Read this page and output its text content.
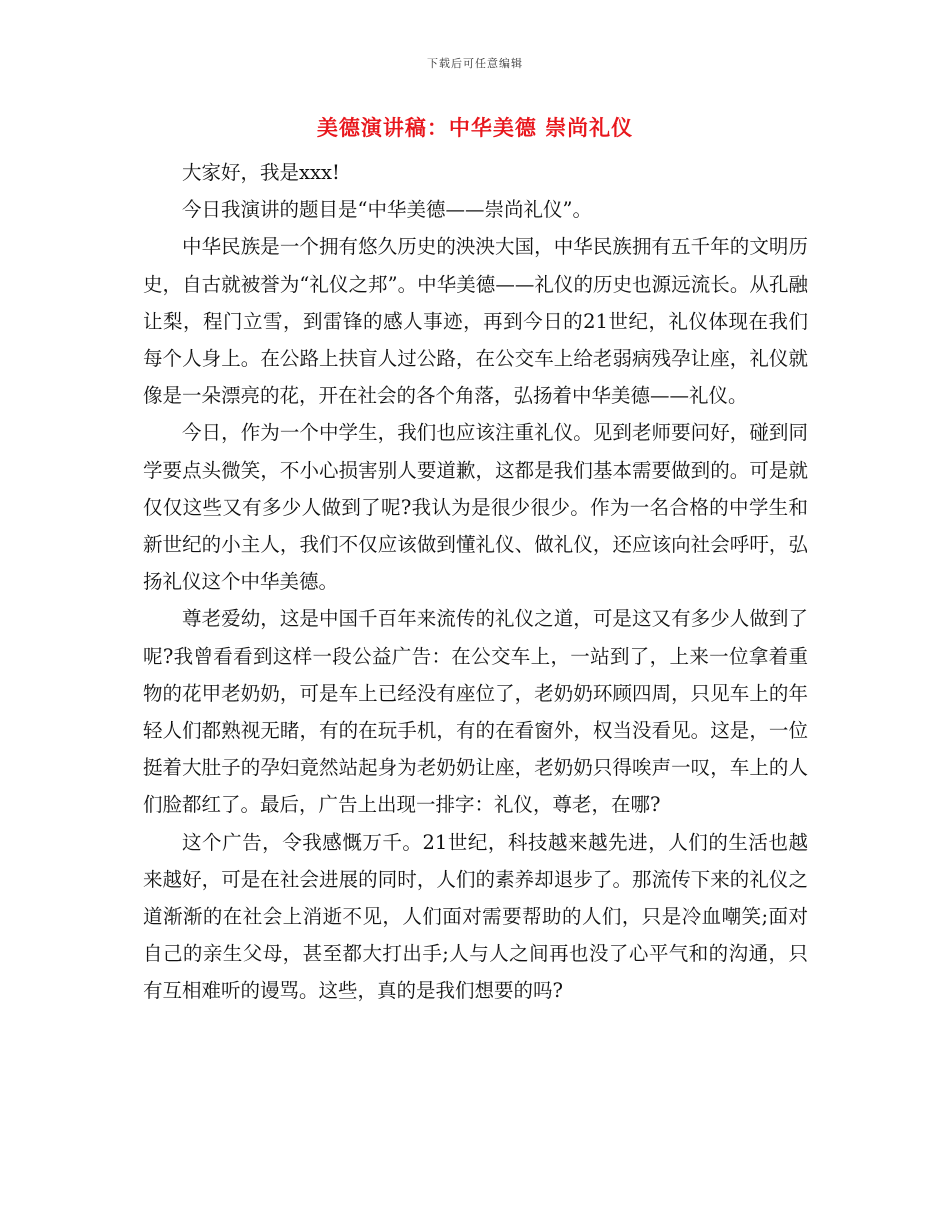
下载后可任意编辑
美德演讲稿：中华美德 崇尚礼仪

大家好，我是xxx!

今日我演讲的题目是“中华美德——崇尚礼仪”。

中华民族是一个拥有悠久历史的泱泱大国，中华民族拥有五千年的文明历史，自古就被誉为“礼仪之邦”。中华美德——礼仪的历史也源远流长。从孔融让梨，程门立雪，到雷锋的感人事迹，再到今日的21世纪，礼仪体现在我们每个人身上。在公路上扶盲人过公路，在公交车上给老弱病残孕让座，礼仪就像是一朵漂亮的花，开在社会的各个角落，弘扬着中华美德——礼仪。

今日，作为一个中学生，我们也应该注重礼仪。见到老师要问好，碰到同学要点头微笑，不小心损害别人要道歉，这都是我们基本需要做到的。可是就仅仅这些又有多少人做到了呢?我认为是很少很少。作为一名合格的中学生和新世纪的小主人，我们不仅应该做到懂礼仪、做礼仪，还应该向社会呼吁，弘扬礼仪这个中华美德。

尊老爱幼，这是中国千百年来流传的礼仪之道，可是这又有多少人做到了呢?我曾看看到这样一段公益广告：在公交车上，一站到了，上来一位拿着重物的花甲老奶奶，可是车上已经没有座位了，老奶奶环顾四周，只见车上的年轻人们都熟视无睹，有的在玩手机，有的在看窗外，权当没看见。这是，一位挺着大肚子的孕妇竟然站起身为老奶奶让座，老奶奶只得唉声一叹，车上的人们脸都红了。最后，广告上出现一排字：礼仪，尊老，在哪?

这个广告，令我感慨万千。21世纪，科技越来越先进，人们的生活也越来越好，可是在社会进展的同时，人们的素养却退步了。那流传下来的礼仪之道渐渐的在社会上消逝不见，人们面对需要帮助的人们，只是冷血嘲笑;面对自己的亲生父母，甚至都大打出手;人与人之间再也没了心平气和的沟通，只有互相难听的谩骂。这些，真的是我们想要的吗?
